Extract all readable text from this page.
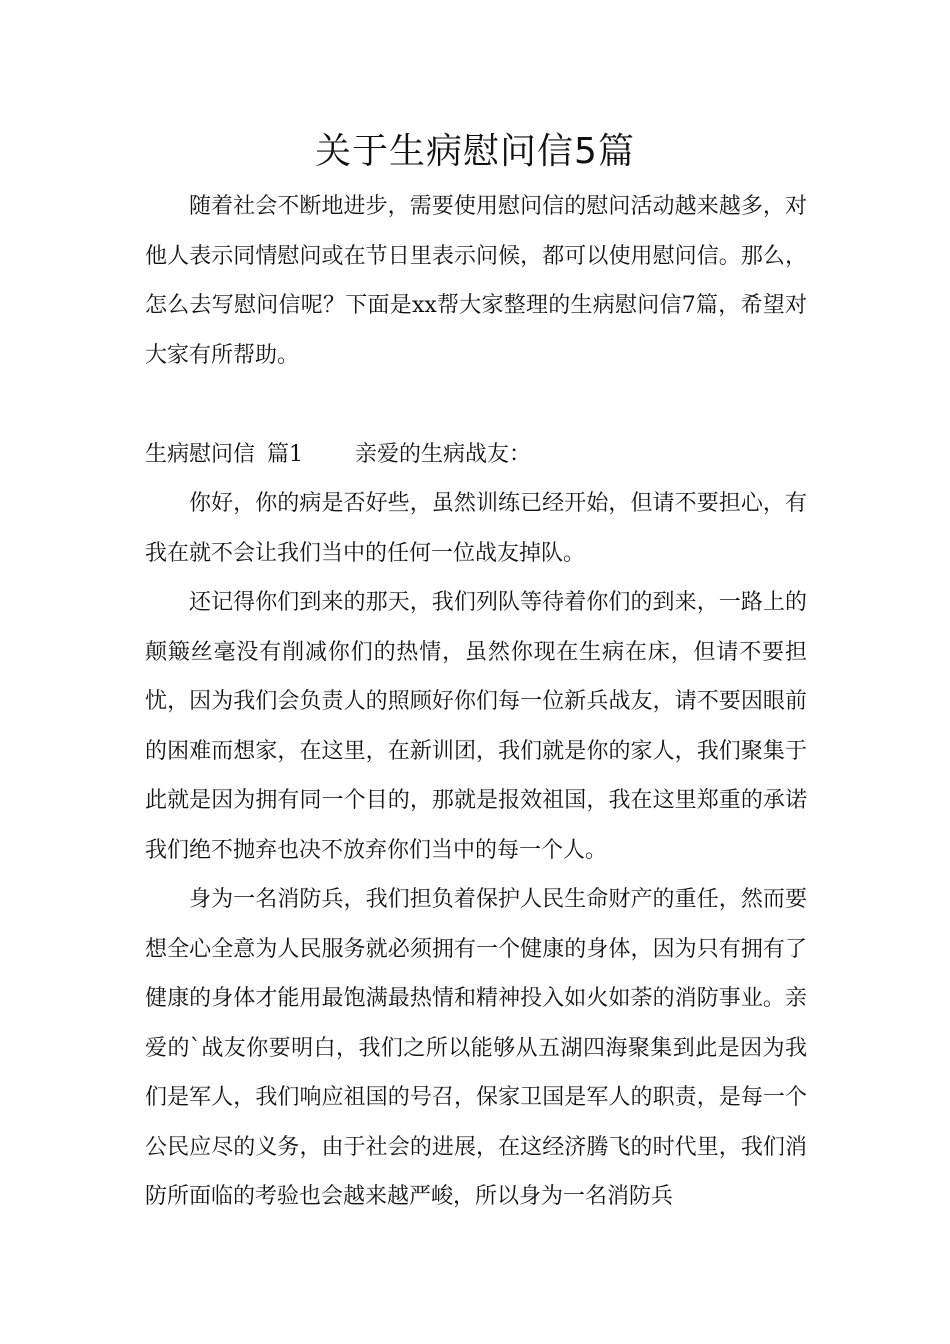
关于生病慰问信5篇

随着社会不断地进步，需要使用慰问信的慰问活动越来越多，对他人表示同情慰问或在节日里表示问候，都可以使用慰问信。那么，怎么去写慰问信呢？下面是xx帮大家整理的生病慰问信7篇，希望对大家有所帮助。

生病慰问信 篇1 亲爱的生病战友：

你好，你的病是否好些，虽然训练已经开始，但请不要担心，有我在就不会让我们当中的任何一位战友掉队。

还记得你们到来的那天，我们列队等待着你们的到来，一路上的颠簸丝毫没有削减你们的热情，虽然你现在生病在床，但请不要担忧，因为我们会负责人的照顾好你们每一位新兵战友，请不要因眼前的困难而想家，在这里，在新训团，我们就是你的家人，我们聚集于此就是因为拥有同一个目的，那就是报效祖国，我在这里郑重的承诺我们绝不抛弃也决不放弃你们当中的每一个人。

身为一名消防兵，我们担负着保护人民生命财产的重任，然而要想全心全意为人民服务就必须拥有一个健康的身体，因为只有拥有了健康的身体才能用最饱满最热情和精神投入如火如荼的消防事业。亲爱的`战友你要明白，我们之所以能够从五湖四海聚集到此是因为我们是军人，我们响应祖国的号召，保家卫国是军人的职责，是每一个公民应尽的义务，由于社会的进展，在这经济腾飞的时代里，我们消防所面临的考验也会越来越严峻，所以身为一名消防兵
